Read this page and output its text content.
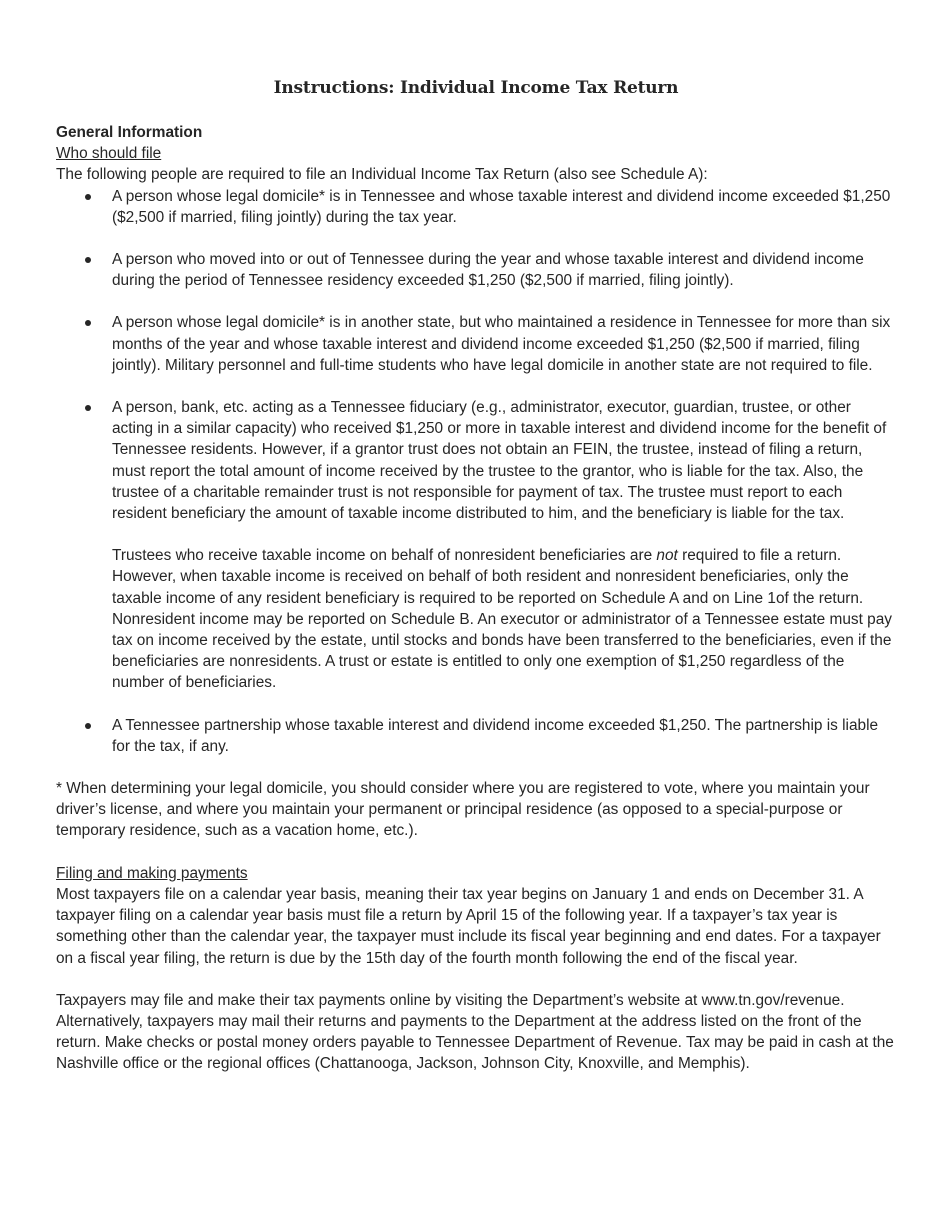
Instructions: Individual Income Tax Return

General Information

Who should file

The following people are required to file an Individual Income Tax Return (also see Schedule A):

A person whose legal domicile* is in Tennessee and whose taxable interest and dividend income exceeded $1,250 ($2,500 if married, filing jointly) during the tax year.
A person who moved into or out of Tennessee during the year and whose taxable interest and dividend income during the period of Tennessee residency exceeded $1,250 ($2,500 if married, filing jointly).
A person whose legal domicile* is in another state, but who maintained a residence in Tennessee for more than six months of the year and whose taxable interest and dividend income exceeded $1,250 ($2,500 if married, filing jointly). Military personnel and full-time students who have legal domicile in another state are not required to file.
A person, bank, etc. acting as a Tennessee fiduciary (e.g., administrator, executor, guardian, trustee, or other acting in a similar capacity) who received $1,250 or more in taxable interest and dividend income for the benefit of Tennessee residents. However, if a grantor trust does not obtain an FEIN, the trustee, instead of filing a return, must report the total amount of income received by the trustee to the grantor, who is liable for the tax. Also, the trustee of a charitable remainder trust is not responsible for payment of tax. The trustee must report to each resident beneficiary the amount of taxable income distributed to him, and the beneficiary is liable for the tax.

Trustees who receive taxable income on behalf of nonresident beneficiaries are not required to file a return. However, when taxable income is received on behalf of both resident and nonresident beneficiaries, only the taxable income of any resident beneficiary is required to be reported on Schedule A and on Line 1of the return. Nonresident income may be reported on Schedule B. An executor or administrator of a Tennessee estate must pay tax on income received by the estate, until stocks and bonds have been transferred to the beneficiaries, even if the beneficiaries are nonresidents. A trust or estate is entitled to only one exemption of $1,250 regardless of the number of beneficiaries.

A Tennessee partnership whose taxable interest and dividend income exceeded $1,250. The partnership is liable for the tax, if any.

* When determining your legal domicile, you should consider where you are registered to vote, where you maintain your driver’s license, and where you maintain your permanent or principal residence (as opposed to a special-purpose or temporary residence, such as a vacation home, etc.).

Filing and making payments

Most taxpayers file on a calendar year basis, meaning their tax year begins on January 1 and ends on December 31. A taxpayer filing on a calendar year basis must file a return by April 15 of the following year. If a taxpayer’s tax year is something other than the calendar year, the taxpayer must include its fiscal year beginning and end dates. For a taxpayer on a fiscal year filing, the return is due by the 15th day of the fourth month following the end of the fiscal year.

Taxpayers may file and make their tax payments online by visiting the Department’s website at www.tn.gov/revenue. Alternatively, taxpayers may mail their returns and payments to the Department at the address listed on the front of the return. Make checks or postal money orders payable to Tennessee Department of Revenue. Tax may be paid in cash at the Nashville office or the regional offices (Chattanooga, Jackson, Johnson City, Knoxville, and Memphis).
